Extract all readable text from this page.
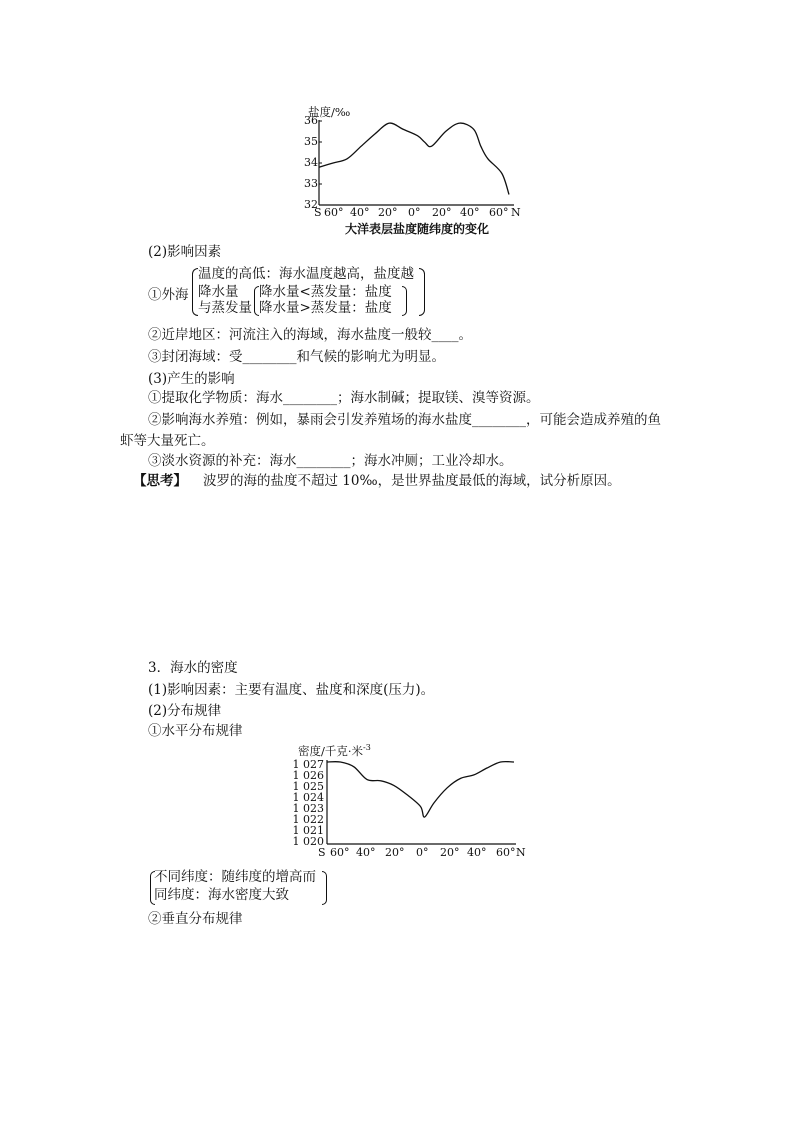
盐度/‰
36
35
34
33
32
S 60° 40° 20° 0° 20° 40° 60° N
大洋表层盐度随纬度的变化
(2)影响因素
①外海
温度的高低：海水温度越高，盐度越
降水量
与蒸发量
降水量<蒸发量：盐度
降水量>蒸发量：盐度
②近岸地区：河流注入的海域，海水盐度一般较____。
③封闭海域：受________和气候的影响尤为明显。
(3)产生的影响
①提取化学物质：海水________；海水制碱；提取镁、溴等资源。
②影响海水养殖：例如，暴雨会引发养殖场的海水盐度________，可能会造成养殖的鱼
虾等大量死亡。
③淡水资源的补充：海水________；海水冲厕；工业冷却水。
【思考】 波罗的海的盐度不超过 10‰，是世界盐度最低的海域，试分析原因。
3．海水的密度
(1)影响因素：主要有温度、盐度和深度(压力)。
(2)分布规律
①水平分布规律
密度/千克·米$^{-3}$
1 027
1 026
1 025
1 024
1 023
1 022
1 021
1 020
S 60° 40° 20° 0° 20° 40° 60° N
不同纬度：随纬度的增高而
同纬度：海水密度大致
②垂直分布规律
